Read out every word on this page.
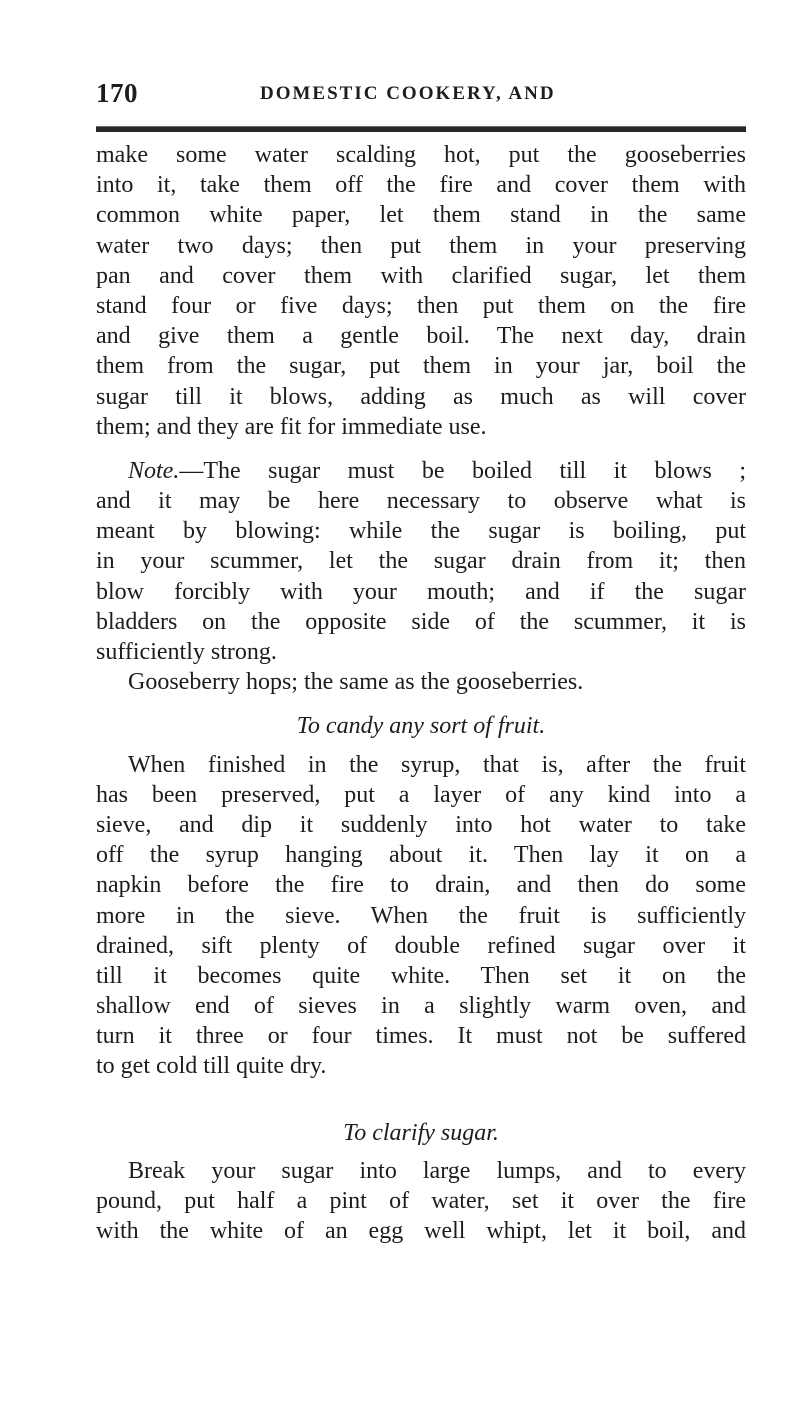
170	DOMESTIC COOKERY, AND
make some water scalding hot, put the gooseberries
into it, take them off the fire and cover them with
common white paper, let them stand in the same
water two days; then put them in your preserving
pan and cover them with clarified sugar, let them
stand four or five days; then put them on the fire
and give them a gentle boil. The next day, drain
them from the sugar, put them in your jar, boil the
sugar till it blows, adding as much as will cover
them; and they are fit for immediate use.
Note.—The sugar must be boiled till it blows ;
and it may be here necessary to observe what is
meant by blowing: while the sugar is boiling, put
in your scummer, let the sugar drain from it; then
blow forcibly with your mouth; and if the sugar
bladders on the opposite side of the scummer, it is
sufficiently strong.
Gooseberry hops; the same as the gooseberries.
To candy any sort of fruit.
When finished in the syrup, that is, after the fruit
has been preserved, put a layer of any kind into a
sieve, and dip it suddenly into hot water to take
off the syrup hanging about it. Then lay it on a
napkin before the fire to drain, and then do some
more in the sieve. When the fruit is sufficiently
drained, sift plenty of double refined sugar over it
till it becomes quite white. Then set it on the
shallow end of sieves in a slightly warm oven, and
turn it three or four times. It must not be suffered
to get cold till quite dry.
To clarify sugar.
Break your sugar into large lumps, and to every
pound, put half a pint of water, set it over the fire
with the white of an egg well whipt, let it boil, and
